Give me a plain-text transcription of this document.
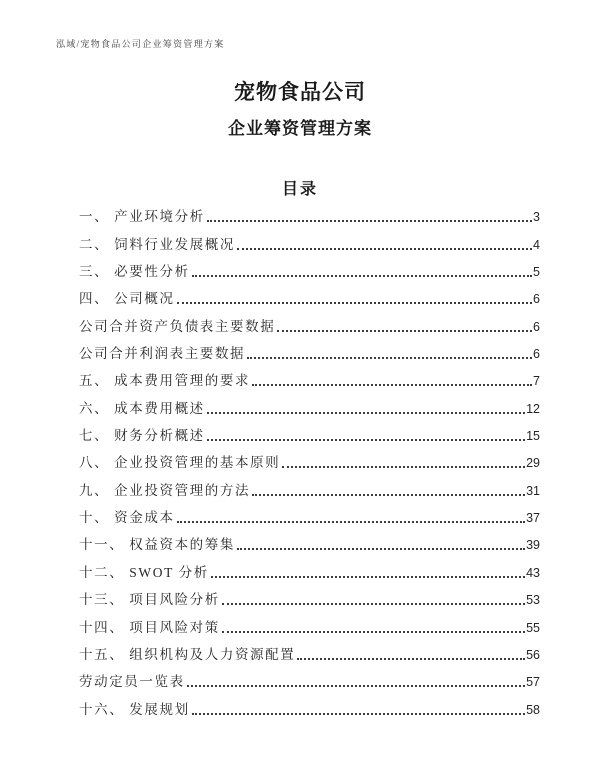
泓域/宠物食品公司企业筹资管理方案
宠物食品公司
企业筹资管理方案
目录
一、 产业环境分析	3
二、 饲料行业发展概况	4
三、 必要性分析	5
四、 公司概况	6
公司合并资产负债表主要数据	6
公司合并利润表主要数据	6
五、 成本费用管理的要求	7
六、 成本费用概述	12
七、 财务分析概述	15
八、 企业投资管理的基本原则	29
九、 企业投资管理的方法	31
十、 资金成本	37
十一、 权益资本的筹集	39
十二、 SWOT 分析	43
十三、 项目风险分析	53
十四、 项目风险对策	55
十五、 组织机构及人力资源配置	56
劳动定员一览表	57
十六、 发展规划	58
